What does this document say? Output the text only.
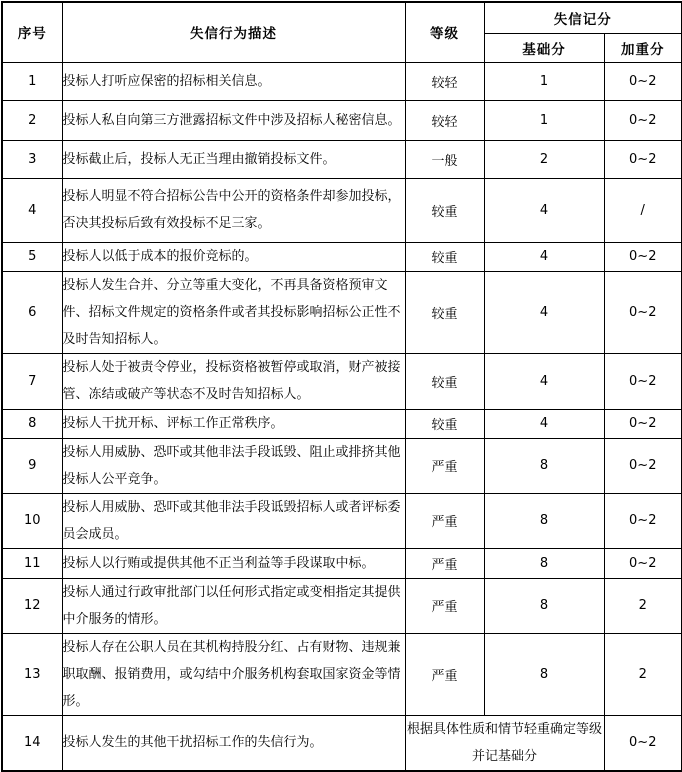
序号	失信行为描述	等级	失信记分	
			基础分	加重分
1	投标人打听应保密的招标相关信息。	较轻	1	0~2
2	投标人私自向第三方泄露招标文件中涉及招标人秘密信息。	较轻	1	0~2
3	投标截止后，投标人无正当理由撤销投标文件。	一般	2	0~2
4	投标人明显不符合招标公告中公开的资格条件却参加投标，否决其投标后致有效投标不足三家。	较重	4	/
5	投标人以低于成本的报价竞标的。	较重	4	0~2
6	投标人发生合并、分立等重大变化，不再具备资格预审文件、招标文件规定的资格条件或者其投标影响招标公正性不及时告知招标人。	较重	4	0~2
7	投标人处于被责令停业，投标资格被暂停或取消，财产被接管、冻结或破产等状态不及时告知招标人。	较重	4	0~2
8	投标人干扰开标、评标工作正常秩序。	较重	4	0~2
9	投标人用威胁、恐吓或其他非法手段诋毁、阻止或排挤其他投标人公平竞争。	严重	8	0~2
10	投标人用威胁、恐吓或其他非法手段诋毁招标人或者评标委员会成员。	严重	8	0~2
11	投标人以行贿或提供其他不正当利益等手段谋取中标。	严重	8	0~2
12	投标人通过行政审批部门以任何形式指定或变相指定其提供中介服务的情形。	严重	8	2
13	投标人存在公职人员在其机构持股分红、占有财物、违规兼职取酬、报销费用，或勾结中介服务机构套取国家资金等情形。	严重	8	2
14	投标人发生的其他干扰招标工作的失信行为。	根据具体性质和情节轻重确定等级并记基础分		0~2
